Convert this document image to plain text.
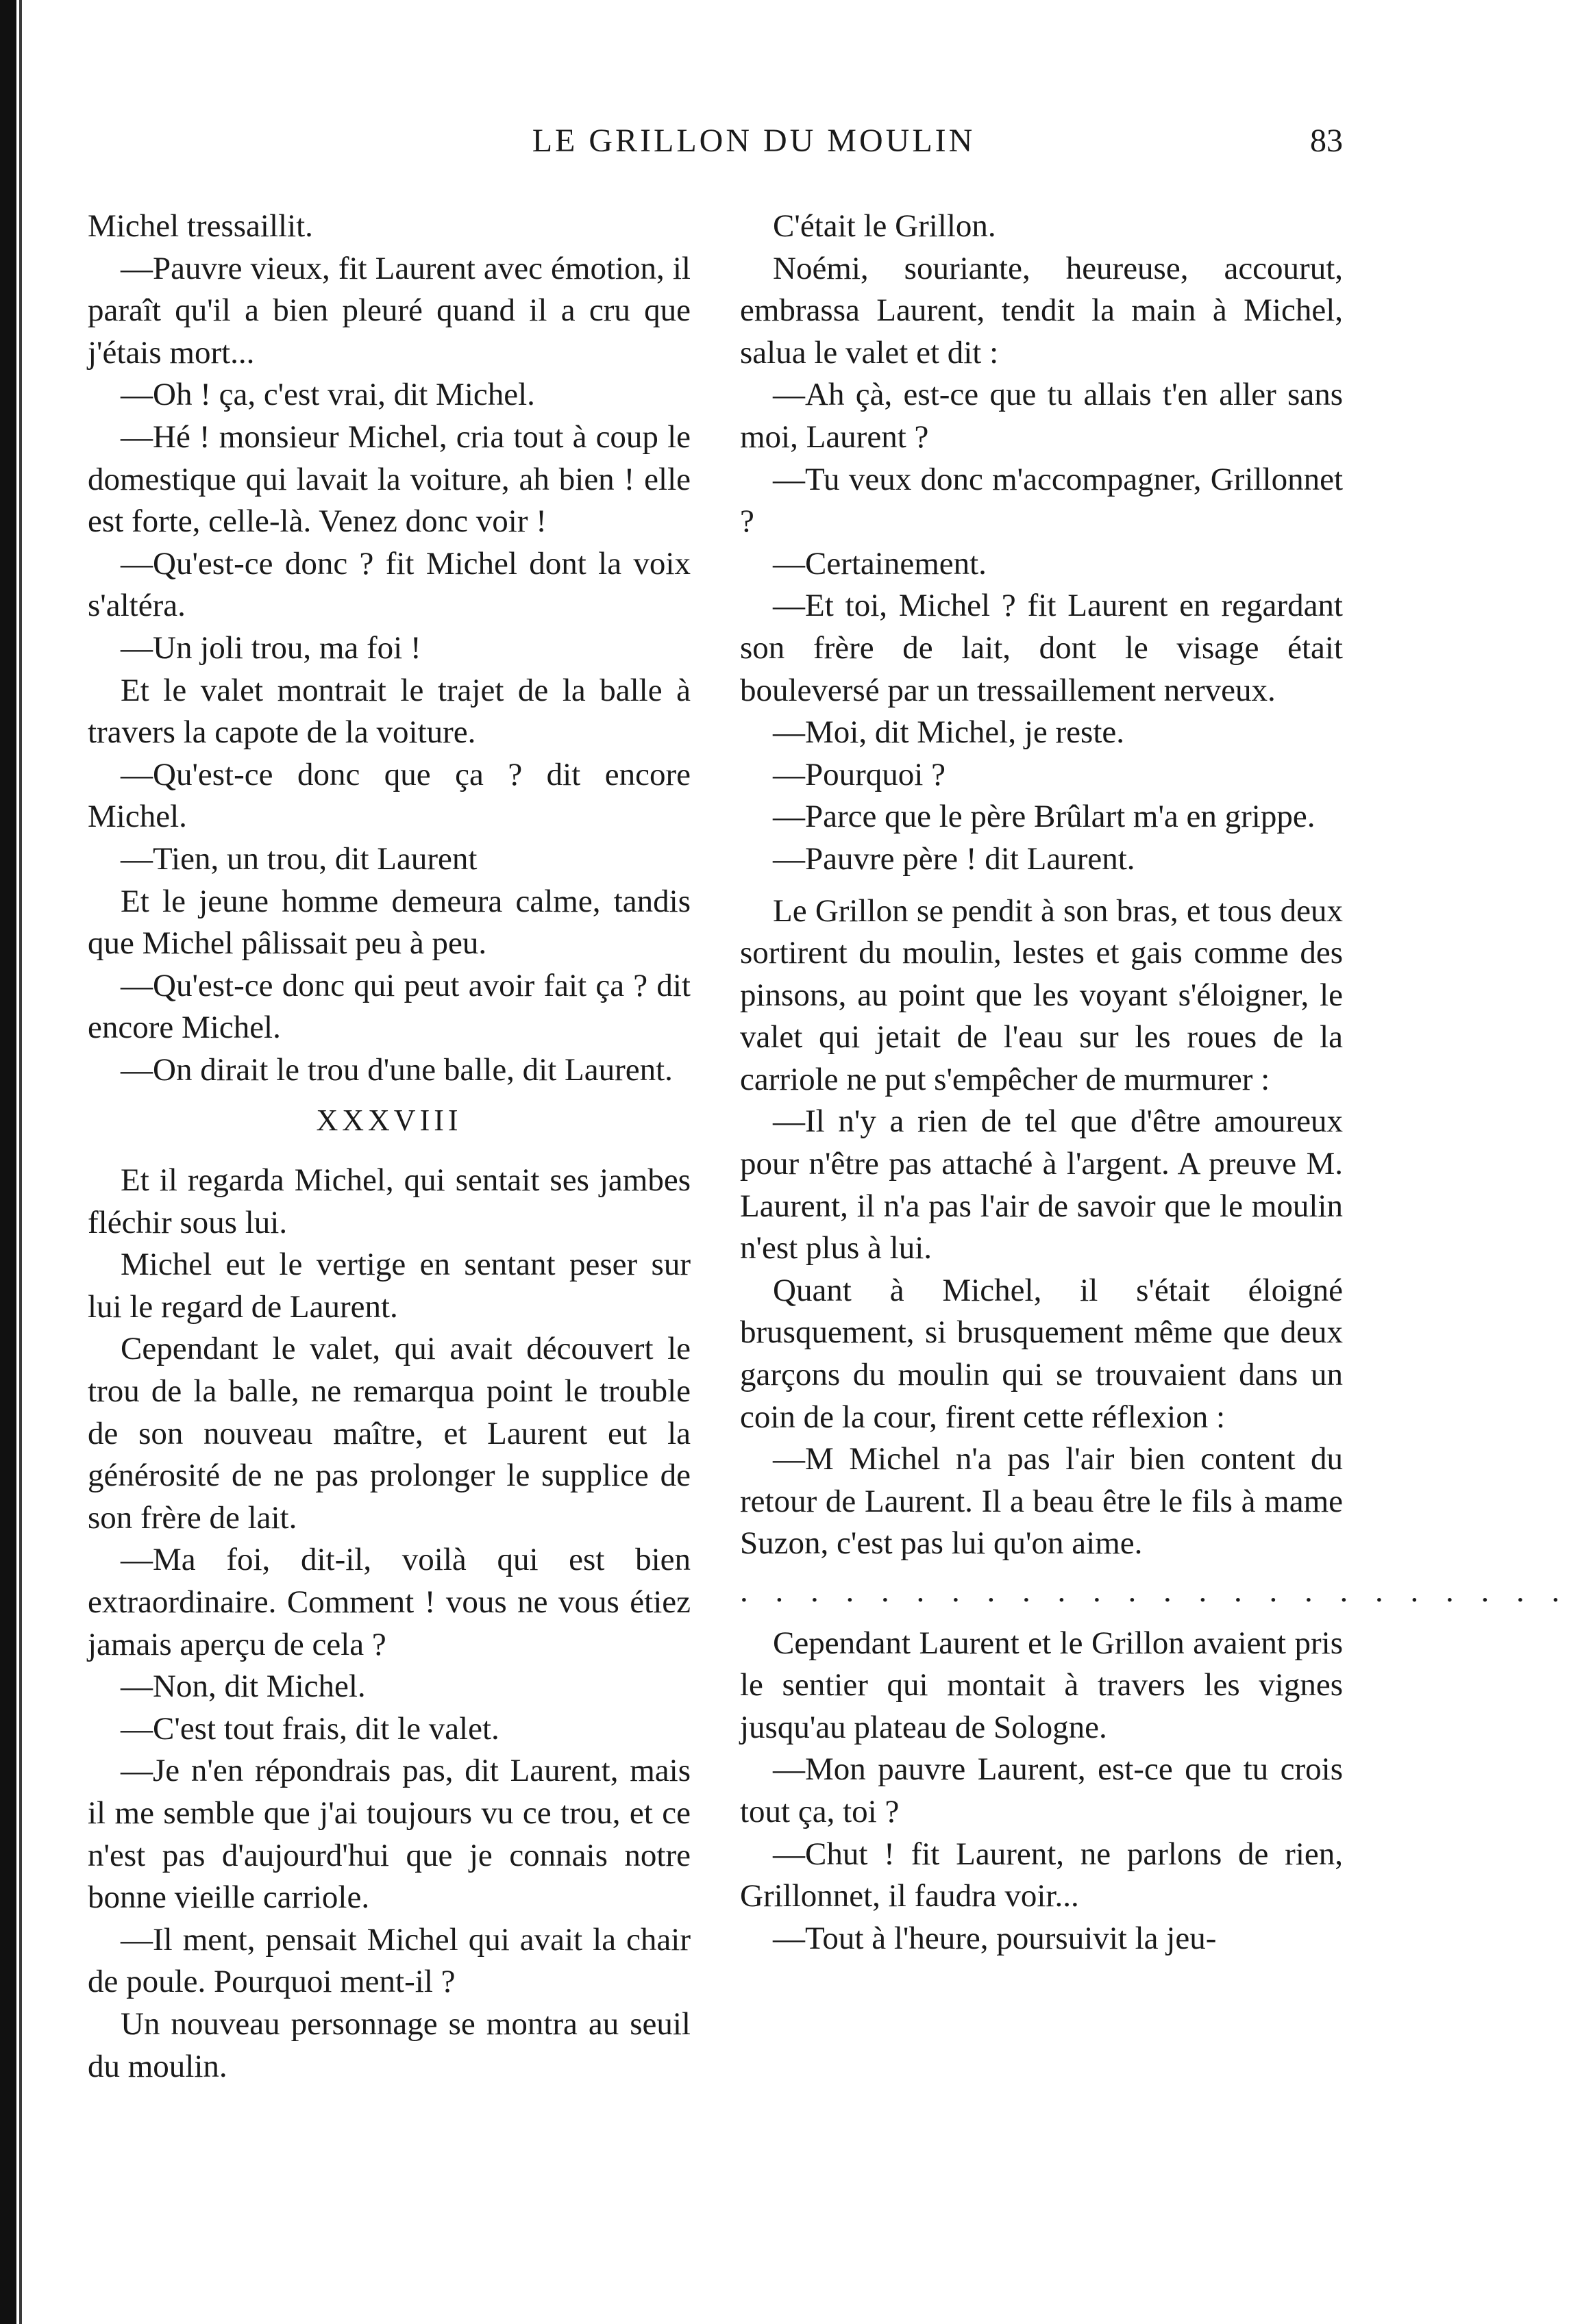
LE GRILLON DU MOULIN	83

Michel tressaillit.

—Pauvre vieux, fit Laurent avec émotion, il paraît qu'il a bien pleuré quand il a cru que j'étais mort...

—Oh ! ça, c'est vrai, dit Michel.

—Hé ! monsieur Michel, cria tout à coup le domestique qui lavait la voiture, ah bien ! elle est forte, celle-là. Venez donc voir !

—Qu'est-ce donc ? fit Michel dont la voix s'altéra.

—Un joli trou, ma foi !

Et le valet montrait le trajet de la balle à travers la capote de la voiture.

—Qu'est-ce donc que ça ? dit encore Michel.

—Tien, un trou, dit Laurent

Et le jeune homme demeura calme, tandis que Michel pâlissait peu à peu.

—Qu'est-ce donc qui peut avoir fait ça ? dit encore Michel.

—On dirait le trou d'une balle, dit Laurent.

XXXVIII

Et il regarda Michel, qui sentait ses jambes fléchir sous lui.

Michel eut le vertige en sentant peser sur lui le regard de Laurent.

Cependant le valet, qui avait découvert le trou de la balle, ne remarqua point le trouble de son nouveau maître, et Laurent eut la générosité de ne pas prolonger le supplice de son frère de lait.

—Ma foi, dit-il, voilà qui est bien extraordinaire. Comment ! vous ne vous étiez jamais aperçu de cela ?

—Non, dit Michel.

—C'est tout frais, dit le valet.

—Je n'en répondrais pas, dit Laurent, mais il me semble que j'ai toujours vu ce trou, et ce n'est pas d'aujourd'hui que je connais notre bonne vieille carriole.

—Il ment, pensait Michel qui avait la chair de poule. Pourquoi ment-il ?

Un nouveau personnage se montra au seuil du moulin.

C'était le Grillon.

Noémi, souriante, heureuse, accourut, embrassa Laurent, tendit la main à Michel, salua le valet et dit :

—Ah çà, est-ce que tu allais t'en aller sans moi, Laurent ?

—Tu veux donc m'accompagner, Grillonnet ?

—Certainement.

—Et toi, Michel ? fit Laurent en regardant son frère de lait, dont le visage était bouleversé par un tressaillement nerveux.

—Moi, dit Michel, je reste.

—Pourquoi ?

—Parce que le père Brûlart m'a en grippe.

—Pauvre père ! dit Laurent.

Le Grillon se pendit à son bras, et tous deux sortirent du moulin, lestes et gais comme des pinsons, au point que les voyant s'éloigner, le valet qui jetait de l'eau sur les roues de la carriole ne put s'empêcher de murmurer :

—Il n'y a rien de tel que d'être amoureux pour n'être pas attaché à l'argent. A preuve M. Laurent, il n'a pas l'air de savoir que le moulin n'est plus à lui.

Quant à Michel, il s'était éloigné brusquement, si brusquement même que deux garçons du moulin qui se trouvaient dans un coin de la cour, firent cette réflexion :

—M Michel n'a pas l'air bien content du retour de Laurent. Il a beau être le fils à mame Suzon, c'est pas lui qu'on aime.

. . . . . . . . . . . . . . . . . . . . . . . .

Cependant Laurent et le Grillon avaient pris le sentier qui montait à travers les vignes jusqu'au plateau de Sologne.

—Mon pauvre Laurent, est-ce que tu crois tout ça, toi ?

—Chut ! fit Laurent, ne parlons de rien, Grillonnet, il faudra voir...

—Tout à l'heure, poursuivit la jeu-
